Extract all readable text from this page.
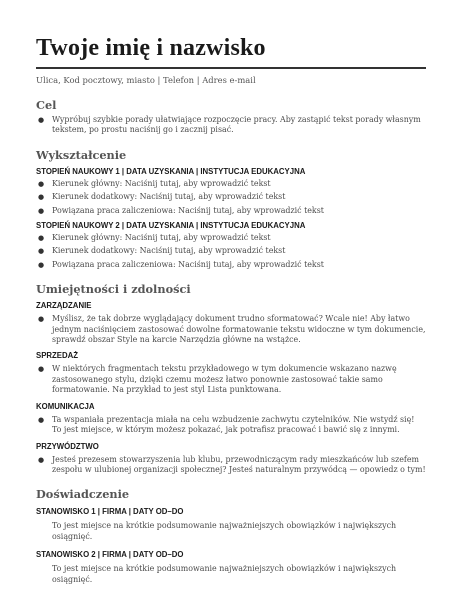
Twoje imię i nazwisko
Ulica, Kod pocztowy, miasto | Telefon | Adres e-mail
Cel
● Wypróbuj szybkie porady ułatwiające rozpoczęcie pracy. Aby zastąpić tekst porady własnym tekstem, po prostu naciśnij go i zacznij pisać.
Wykształcenie
STOPIEŃ NAUKOWY 1 | DATA UZYSKANIA | INSTYTUCJA EDUKACYJNA
● Kierunek główny: Naciśnij tutaj, aby wprowadzić tekst
● Kierunek dodatkowy: Naciśnij tutaj, aby wprowadzić tekst
● Powiązana praca zaliczeniowa: Naciśnij tutaj, aby wprowadzić tekst
STOPIEŃ NAUKOWY 2 | DATA UZYSKANIA | INSTYTUCJA EDUKACYJNA
● Kierunek główny: Naciśnij tutaj, aby wprowadzić tekst
● Kierunek dodatkowy: Naciśnij tutaj, aby wprowadzić tekst
● Powiązana praca zaliczeniowa: Naciśnij tutaj, aby wprowadzić tekst
Umiejętności i zdolności
ZARZĄDZANIE
● Myślisz, że tak dobrze wyglądający dokument trudno sformatować? Wcale nie! Aby łatwo jednym naciśnięciem zastosować dowolne formatowanie tekstu widoczne w tym dokumencie, sprawdź obszar Style na karcie Narzędzia główne na wstążce.
SPRZEDAŻ
● W niektórych fragmentach tekstu przykładowego w tym dokumencie wskazano nazwę zastosowanego stylu, dzięki czemu możesz łatwo ponownie zastosować takie samo formatowanie. Na przykład to jest styl Lista punktowana.
KOMUNIKACJA
● Ta wspaniała prezentacja miała na celu wzbudzenie zachwytu czytelników. Nie wstydź się! To jest miejsce, w którym możesz pokazać, jak potrafisz pracować i bawić się z innymi.
PRZYWÓDZTWO
● Jesteś prezesem stowarzyszenia lub klubu, przewodniczącym rady mieszkańców lub szefem zespołu w ulubionej organizacji społecznej? Jesteś naturalnym przywódcą — opowiedz o tym!
Doświadczenie
STANOWISKO 1 | FIRMA | DATY OD–DO
To jest miejsce na krótkie podsumowanie najważniejszych obowiązków i największych osiągnięć.
STANOWISKO 2 | FIRMA | DATY OD–DO
To jest miejsce na krótkie podsumowanie najważniejszych obowiązków i największych osiągnięć.
